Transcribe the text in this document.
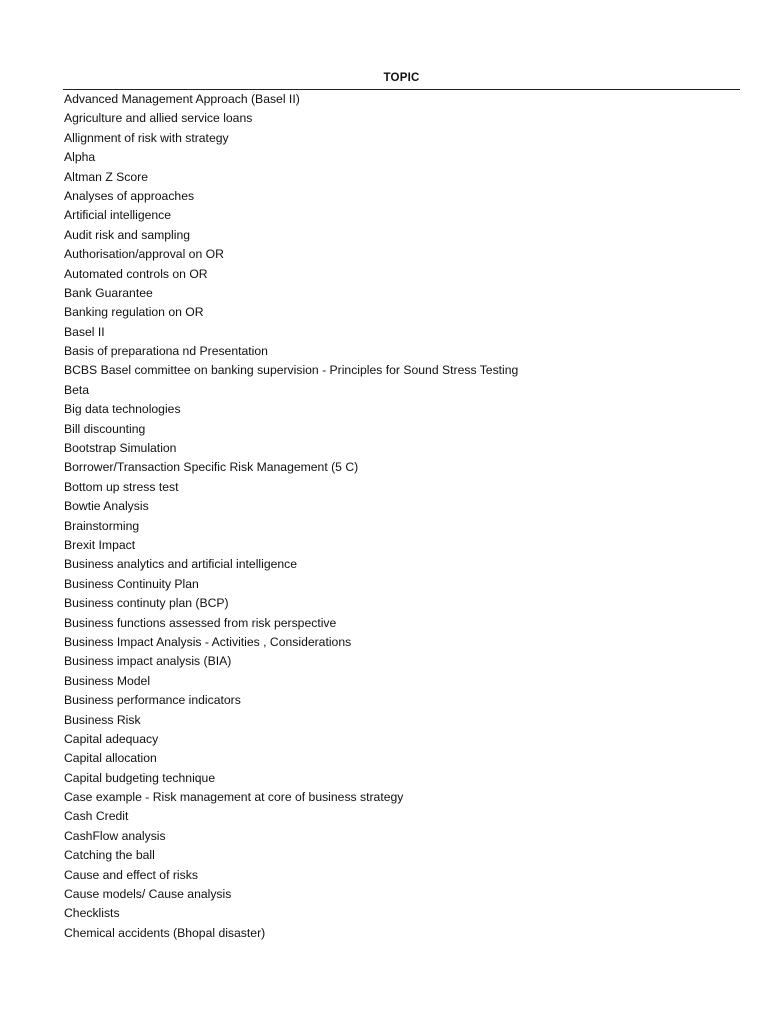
TOPIC
Advanced Management Approach (Basel II)
Agriculture and allied service loans
Allignment of risk with strategy
Alpha
Altman Z Score
Analyses of approaches
Artificial intelligence
Audit risk and sampling
Authorisation/approval on OR
Automated controls on OR
Bank Guarantee
Banking regulation on OR
Basel II
Basis of preparationa nd Presentation
BCBS Basel committee on banking supervision - Principles for Sound Stress Testing
Beta
Big data technologies
Bill discounting
Bootstrap Simulation
Borrower/Transaction Specific Risk Management (5 C)
Bottom up stress test
Bowtie Analysis
Brainstorming
Brexit Impact
Business analytics and artificial intelligence
Business Continuity Plan
Business continuty plan (BCP)
Business functions assessed from risk perspective
Business Impact Analysis - Activities , Considerations
Business impact analysis (BIA)
Business Model
Business performance indicators
Business Risk
Capital adequacy
Capital allocation
Capital budgeting technique
Case example - Risk management at core of business strategy
Cash Credit
CashFlow analysis
Catching the ball
Cause and effect of risks
Cause models/ Cause analysis
Checklists
Chemical accidents (Bhopal disaster)
